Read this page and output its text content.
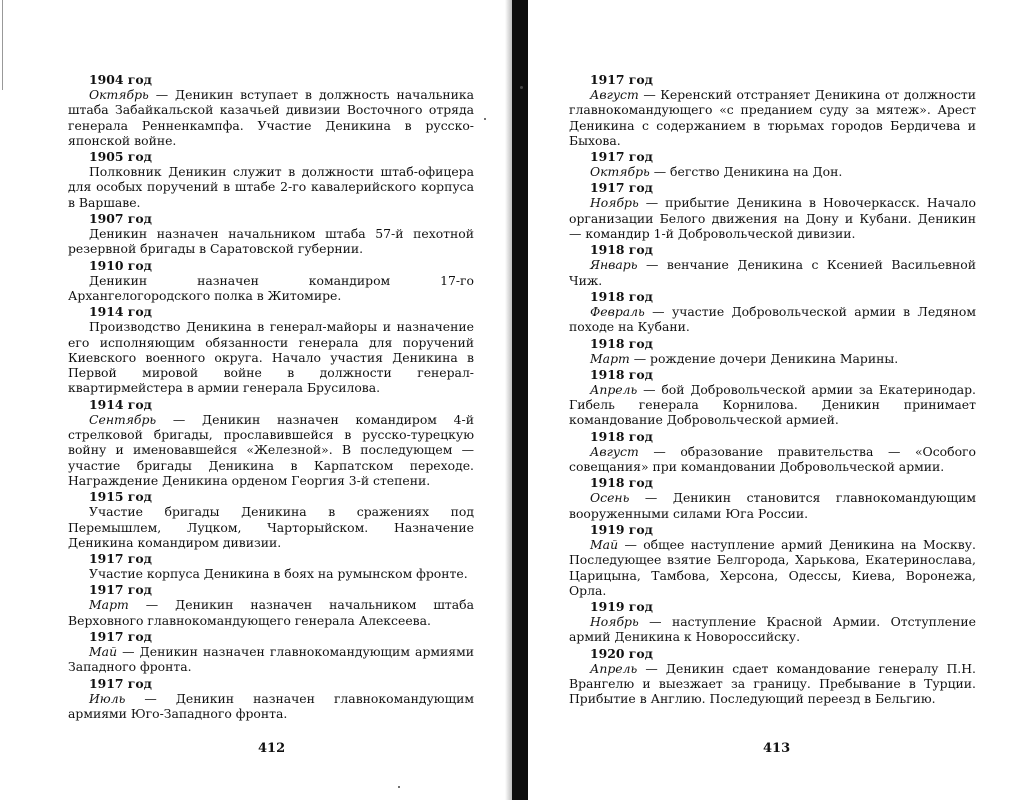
1904 год

Октябрь — Деникин вступает в должность начальника штаба Забайкальской казачьей дивизии Восточного отряда генерала Ренненкампфа. Участие Деникина в русско-японской войне.

1905 год

Полковник Деникин служит в должности штаб-офицера для особых поручений в штабе 2-го кавалерийского корпуса в Варшаве.

1907 год

Деникин назначен начальником штаба 57-й пехотной резервной бригады в Саратовской губернии.

1910 год

Деникин назначен командиром 17-го Архангелогородского полка в Житомире.

1914 год

Производство Деникина в генерал-майоры и назначение его исполняющим обязанности генерала для поручений Киевского военного округа. Начало участия Деникина в Первой мировой войне в должности генерал-квартирмейстера в армии генерала Брусилова.

1914 год

Сентябрь — Деникин назначен командиром 4-й стрелковой бригады, прославившейся в русско-турецкую войну и именовавшейся «Железной». В последующем — участие бригады Деникина в Карпатском переходе. Награждение Деникина орденом Георгия 3-й степени.

1915 год

Участие бригады Деникина в сражениях под Перемышлем, Луцком, Чарторыйском. Назначение Деникина командиром дивизии.

1917 год

Участие корпуса Деникина в боях на румынском фронте.

1917 год

Март — Деникин назначен начальником штаба Верховного главнокомандующего генерала Алексеева.

1917 год

Май — Деникин назначен главнокомандующим армиями Западного фронта.

1917 год

Июль — Деникин назначен главнокомандующим армиями Юго-Западного фронта.

412

1917 год

Август — Керенский отстраняет Деникина от должности главнокомандующего «с преданием суду за мятеж». Арест Деникина с содержанием в тюрьмах городов Бердичева и Быхова.

1917 год

Октябрь — бегство Деникина на Дон.

1917 год

Ноябрь — прибытие Деникина в Новочеркасск. Начало организации Белого движения на Дону и Кубани. Деникин — командир 1-й Добровольческой дивизии.

1918 год

Январь — венчание Деникина с Ксенией Васильевной Чиж.

1918 год

Февраль — участие Добровольческой армии в Ледяном походе на Кубани.

1918 год

Март — рождение дочери Деникина Марины.

1918 год

Апрель — бой Добровольческой армии за Екатеринодар. Гибель генерала Корнилова. Деникин принимает командование Добровольческой армией.

1918 год

Август — образование правительства — «Особого совещания» при командовании Добровольческой армии.

1918 год

Осень — Деникин становится главнокомандующим вооруженными силами Юга России.

1919 год

Май — общее наступление армий Деникина на Москву. Последующее взятие Белгорода, Харькова, Екатеринослава, Царицына, Тамбова, Херсона, Одессы, Киева, Воронежа, Орла.

1919 год

Ноябрь — наступление Красной Армии. Отступление армий Деникина к Новороссийску.

1920 год

Апрель — Деникин сдает командование генералу П.Н. Врангелю и выезжает за границу. Пребывание в Турции. Прибытие в Англию. Последующий переезд в Бельгию.

413
